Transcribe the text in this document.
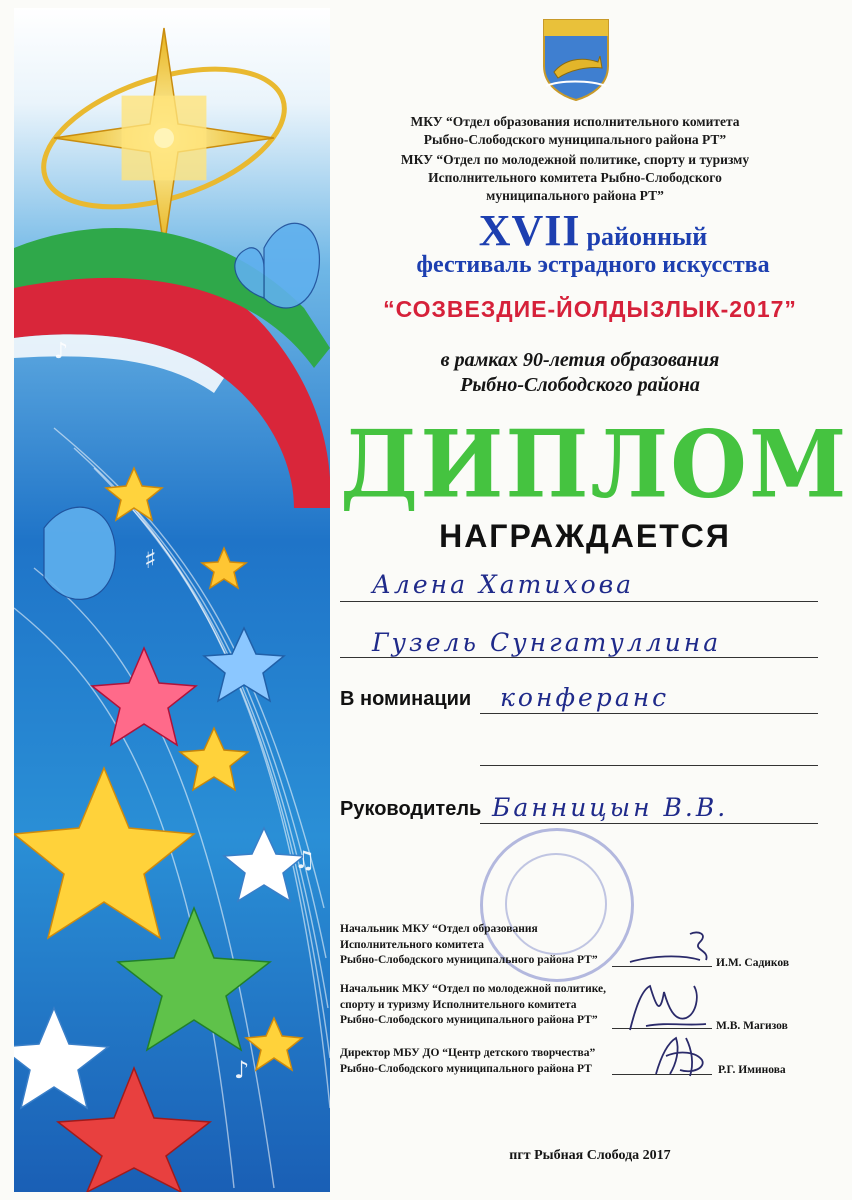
♯
♪
♫
♪
МКУ “Отдел образования исполнительного комитета
Рыбно-Слободского муниципального района РТ”
МКУ “Отдел по молодежной политике, спорту и туризму
Исполнительного комитета Рыбно-Слободского
муниципального района РТ”
XVII районный
фестиваль эстрадного искусства
“СОЗВЕЗДИЕ-ЙОЛДЫЗЛЫК-2017”
в рамках 90-летия образования
Рыбно-Слободского района
ДИПЛОМ
НАГРАЖДАЕТСЯ
Алена Хатихова
Гузель Сунгатуллина
В номинации конферанс
Руководитель Банницын В.В.
Начальник МКУ “Отдел образования
Исполнительного комитета
Рыбно-Слободского муниципального района РТ”	И.М. Садиков
Начальник МКУ “Отдел по молодежной политике,
спорту и туризму Исполнительного комитета
Рыбно-Слободского муниципального района РТ”	М.В. Магизов
Директор МБУ ДО “Центр детского творчества”
Рыбно-Слободского муниципального района РТ	Р.Г. Иминова
пгт Рыбная Слобода 2017
